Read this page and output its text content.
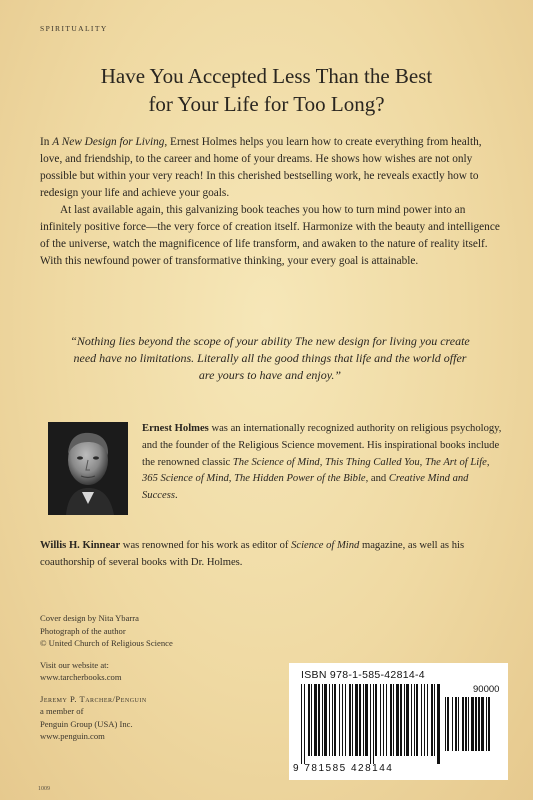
SPIRITUALITY
Have You Accepted Less Than the Best
for Your Life for Too Long?

In A New Design for Living, Ernest Holmes helps you learn how to create everything from health, love, and friendship, to the career and home of your dreams. He shows how wishes are not only possible but within your very reach! In this cherished bestselling work, he reveals exactly how to redesign your life and achieve your goals.

At last available again, this galvanizing book teaches you how to turn mind power into an infinitely positive force—the very force of creation itself. Harmonize with the beauty and intelligence of the universe, watch the magnificence of life transform, and awaken to the nature of reality itself. With this newfound power of transformative thinking, your every goal is attainable.

“Nothing lies beyond the scope of your ability The new design for living you create need have no limitations. Literally all the good things that life and the world offer are yours to have and enjoy.”
Ernest Holmes was an internationally recognized authority on religious psychology, and the founder of the Religious Science movement. His inspirational books include the renowned classic The Science of Mind, This Thing Called You, The Art of Life, 365 Science of Mind, The Hidden Power of the Bible, and Creative Mind and Success.
Willis H. Kinnear was renowned for his work as editor of Science of Mind magazine, as well as his coauthorship of several books with Dr. Holmes.
Cover design by Nita Ybarra
Photograph of the author
© United Church of Religious Science
Visit our website at:
www.tarcherbooks.com
Jeremy P. Tarcher/Penguin
a member of
Penguin Group (USA) Inc.
www.penguin.com
1009
ISBN 978-1-585-42814-4
90000
9 781585 428144
